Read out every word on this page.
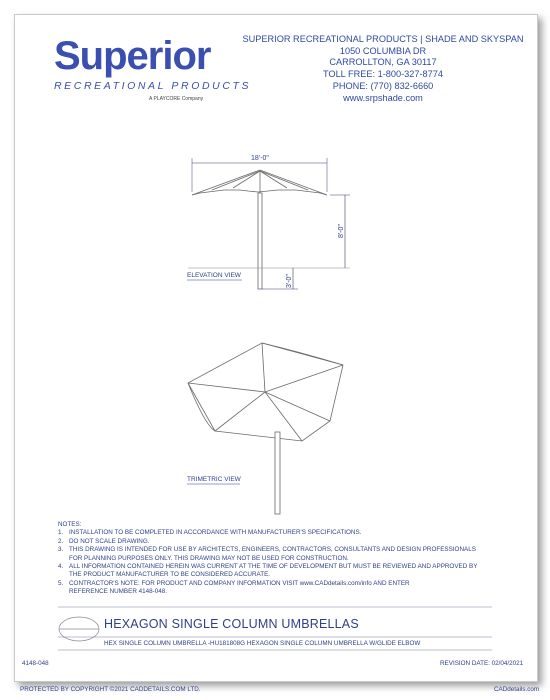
Superior
RECREATIONAL PRODUCTS
A PLAYCORE Company
SUPERIOR RECREATIONAL PRODUCTS | SHADE AND SKYSPAN
1050 COLUMBIA DR
CARROLLTON, GA 30117
TOLL FREE: 1-800-327-8774
PHONE: (770) 832-6660
www.srpshade.com
18'-0"
8'-0"
3'-0"
ELEVATION VIEW
TRIMETRIC VIEW
NOTES:
1. INSTALLATION TO BE COMPLETED IN ACCORDANCE WITH MANUFACTURER'S SPECIFICATIONS.
2. DO NOT SCALE DRAWING.
3. THIS DRAWING IS INTENDED FOR USE BY ARCHITECTS, ENGINEERS, CONTRACTORS, CONSULTANTS AND DESIGN PROFESSIONALS
FOR PLANNING PURPOSES ONLY. THIS DRAWING MAY NOT BE USED FOR CONSTRUCTION.
4. ALL INFORMATION CONTAINED HEREIN WAS CURRENT AT THE TIME OF DEVELOPMENT BUT MUST BE REVIEWED AND APPROVED BY
THE PRODUCT MANUFACTURER TO BE CONSIDERED ACCURATE.
5. CONTRACTOR'S NOTE: FOR PRODUCT AND COMPANY INFORMATION VISIT www.CADdetails.com/info AND ENTER
REFERENCE NUMBER 4148-048.
HEXAGON SINGLE COLUMN UMBRELLAS
HEX SINGLE COLUMN UMBRELLA -HU181808G HEXAGON SINGLE COLUMN UMBRELLA W/GLIDE ELBOW
4148-048	REVISION DATE: 02/04/2021
PROTECTED BY COPYRIGHT ©2021 CADDETAILS.COM LTD.	CADdetails.com
